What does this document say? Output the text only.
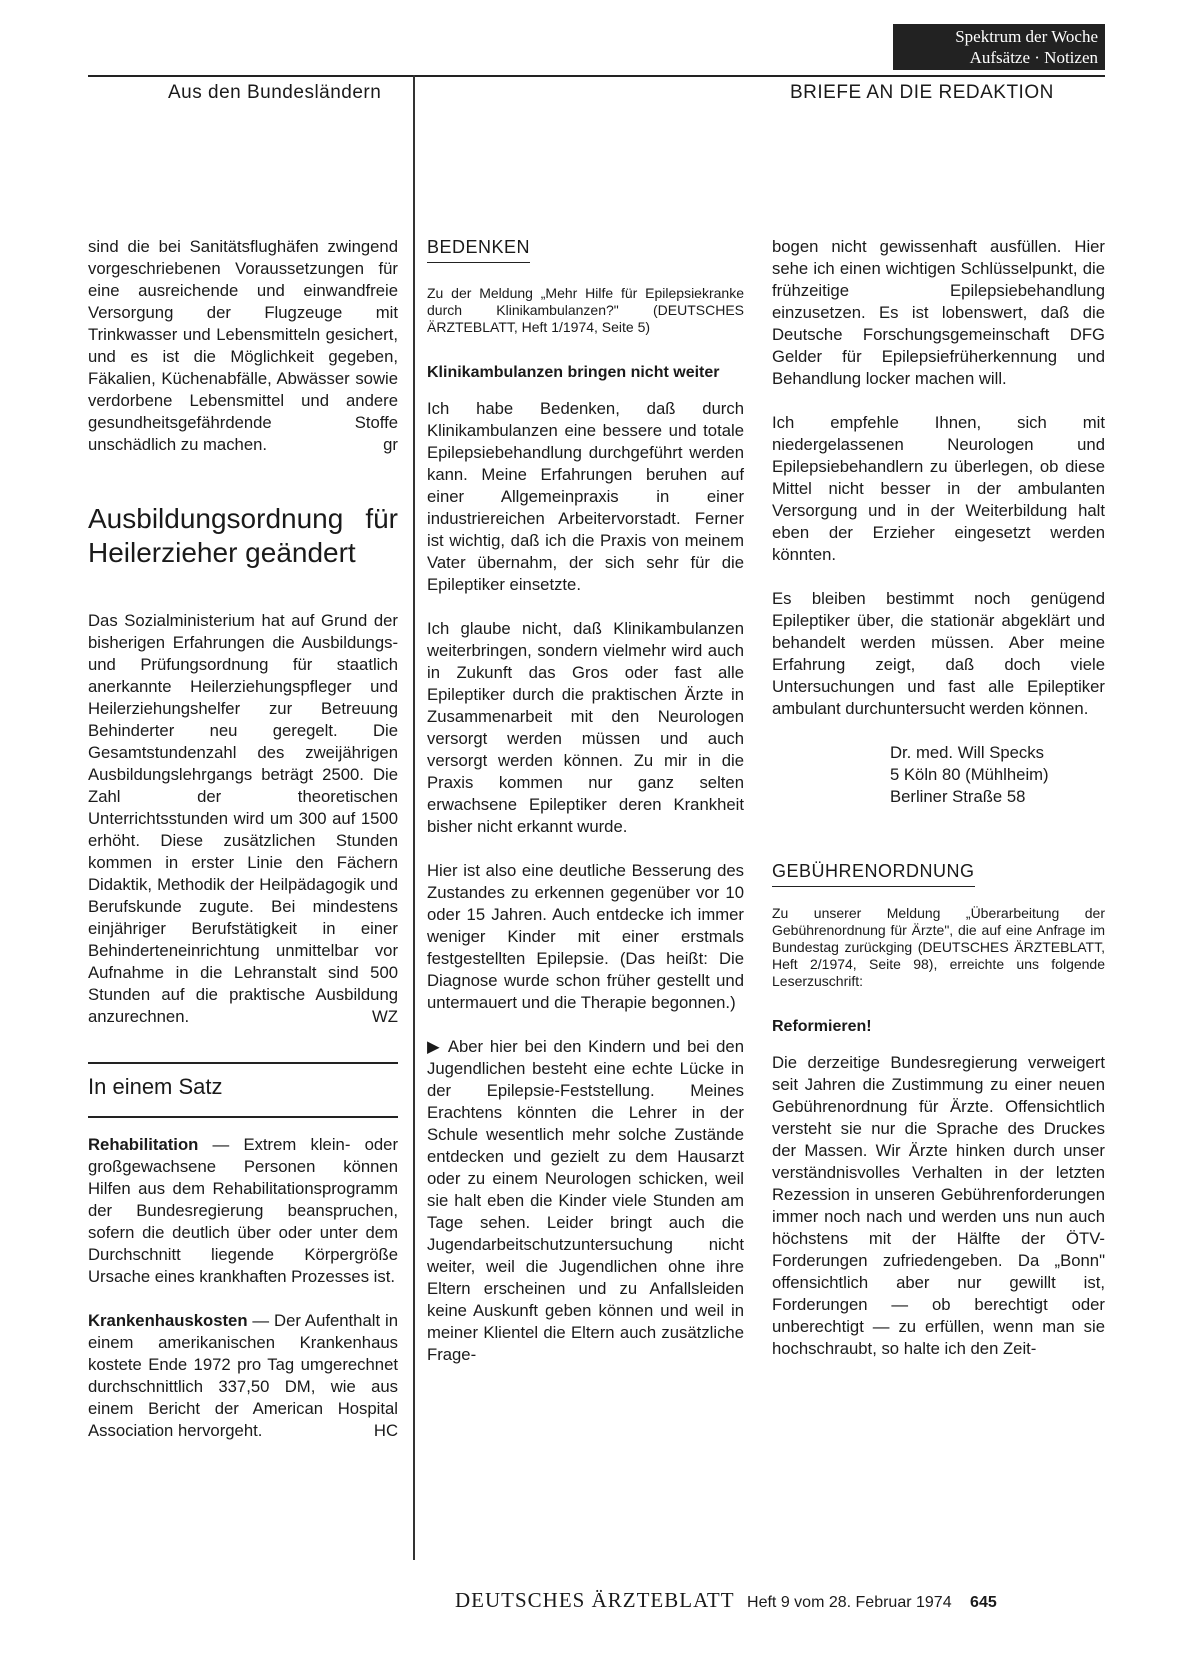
Spektrum der Woche
Aufsätze · Notizen
Aus den Bundesländern	BRIEFE AN DIE REDAKTION

sind die bei Sanitätsflughäfen zwingend vorgeschriebenen Voraussetzungen für eine ausreichende und einwandfreie Versorgung der Flugzeuge mit Trinkwasser und Lebensmitteln gesichert, und es ist die Möglichkeit gegeben, Fäkalien, Küchenabfälle, Abwässer sowie verdorbene Lebensmittel und andere gesundheitsgefährdende Stoffe unschädlich zu machen.	gr

Ausbildungsordnung für Heilerzieher geändert

Das Sozialministerium hat auf Grund der bisherigen Erfahrungen die Ausbildungs- und Prüfungsordnung für staatlich anerkannte Heilerziehungspfleger und Heilerziehungshelfer zur Betreuung Behinderter neu geregelt. Die Gesamtstundenzahl des zweijährigen Ausbildungslehrgangs beträgt 2500. Die Zahl der theoretischen Unterrichtsstunden wird um 300 auf 1500 erhöht. Diese zusätzlichen Stunden kommen in erster Linie den Fächern Didaktik, Methodik der Heilpädagogik und Berufskunde zugute. Bei mindestens einjähriger Berufstätigkeit in einer Behinderteneinrichtung unmittelbar vor Aufnahme in die Lehranstalt sind 500 Stunden auf die praktische Ausbildung anzurechnen.	WZ

In einem Satz

Rehabilitation — Extrem klein- oder großgewachsene Personen können Hilfen aus dem Rehabilitationsprogramm der Bundesregierung beanspruchen, sofern die deutlich über oder unter dem Durchschnitt liegende Körpergröße Ursache eines krankhaften Prozesses ist.

Krankenhauskosten — Der Aufenthalt in einem amerikanischen Krankenhaus kostete Ende 1972 pro Tag umgerechnet durchschnittlich 337,50 DM, wie aus einem Bericht der American Hospital Association hervorgeht.	HC

BEDENKEN
Zu der Meldung „Mehr Hilfe für Epilepsiekranke durch Klinikambulanzen?" (DEUTSCHES ÄRZTEBLATT, Heft 1/1974, Seite 5)
Klinikambulanzen bringen nicht weiter

Ich habe Bedenken, daß durch Klinikambulanzen eine bessere und totale Epilepsiebehandlung durchgeführt werden kann. Meine Erfahrungen beruhen auf einer Allgemeinpraxis in einer industriereichen Arbeitervorstadt. Ferner ist wichtig, daß ich die Praxis von meinem Vater übernahm, der sich sehr für die Epileptiker einsetzte.

Ich glaube nicht, daß Klinikambulanzen weiterbringen, sondern vielmehr wird auch in Zukunft das Gros oder fast alle Epileptiker durch die praktischen Ärzte in Zusammenarbeit mit den Neurologen versorgt werden müssen und auch versorgt werden können. Zu mir in die Praxis kommen nur ganz selten erwachsene Epileptiker deren Krankheit bisher nicht erkannt wurde.

Hier ist also eine deutliche Besserung des Zustandes zu erkennen gegenüber vor 10 oder 15 Jahren. Auch entdecke ich immer weniger Kinder mit einer erstmals festgestellten Epilepsie. (Das heißt: Die Diagnose wurde schon früher gestellt und untermauert und die Therapie begonnen.)

▶ Aber hier bei den Kindern und bei den Jugendlichen besteht eine echte Lücke in der Epilepsie-Feststellung. Meines Erachtens könnten die Lehrer in der Schule wesentlich mehr solche Zustände entdecken und gezielt zu dem Hausarzt oder zu einem Neurologen schicken, weil sie halt eben die Kinder viele Stunden am Tage sehen. Leider bringt auch die Jugendarbeitschutzuntersuchung nicht weiter, weil die Jugendlichen ohne ihre Eltern erscheinen und zu Anfallsleiden keine Auskunft geben können und weil in meiner Klientel die Eltern auch zusätzliche Frage-

bogen nicht gewissenhaft ausfüllen. Hier sehe ich einen wichtigen Schlüsselpunkt, die frühzeitige Epilepsiebehandlung einzusetzen. Es ist lobenswert, daß die Deutsche Forschungsgemeinschaft DFG Gelder für Epilepsiefrüherkennung und Behandlung locker machen will.

Ich empfehle Ihnen, sich mit niedergelassenen Neurologen und Epilepsiebehandlern zu überlegen, ob diese Mittel nicht besser in der ambulanten Versorgung und in der Weiterbildung halt eben der Erzieher eingesetzt werden könnten.

Es bleiben bestimmt noch genügend Epileptiker über, die stationär abgeklärt und behandelt werden müssen. Aber meine Erfahrung zeigt, daß doch viele Untersuchungen und fast alle Epileptiker ambulant durchuntersucht werden können.

Dr. med. Will Specks
5 Köln 80 (Mühlheim)
Berliner Straße 58
GEBÜHRENORDNUNG
Zu unserer Meldung „Überarbeitung der Gebührenordnung für Ärzte", die auf eine Anfrage im Bundestag zurückging (DEUTSCHES ÄRZTEBLATT, Heft 2/1974, Seite 98), erreichte uns folgende Leserzuschrift:
Reformieren!

Die derzeitige Bundesregierung verweigert seit Jahren die Zustimmung zu einer neuen Gebührenordnung für Ärzte. Offensichtlich versteht sie nur die Sprache des Druckes der Massen. Wir Ärzte hinken durch unser verständnisvolles Verhalten in der letzten Rezession in unseren Gebührenforderungen immer noch nach und werden uns nun auch höchstens mit der Hälfte der ÖTV-Forderungen zufriedengeben. Da „Bonn" offensichtlich aber nur gewillt ist, Forderungen — ob berechtigt oder unberechtigt — zu erfüllen, wenn man sie hochschraubt, so halte ich den Zeit-

DEUTSCHES ÄRZTEBLATT Heft 9 vom 28. Februar 1974 645
